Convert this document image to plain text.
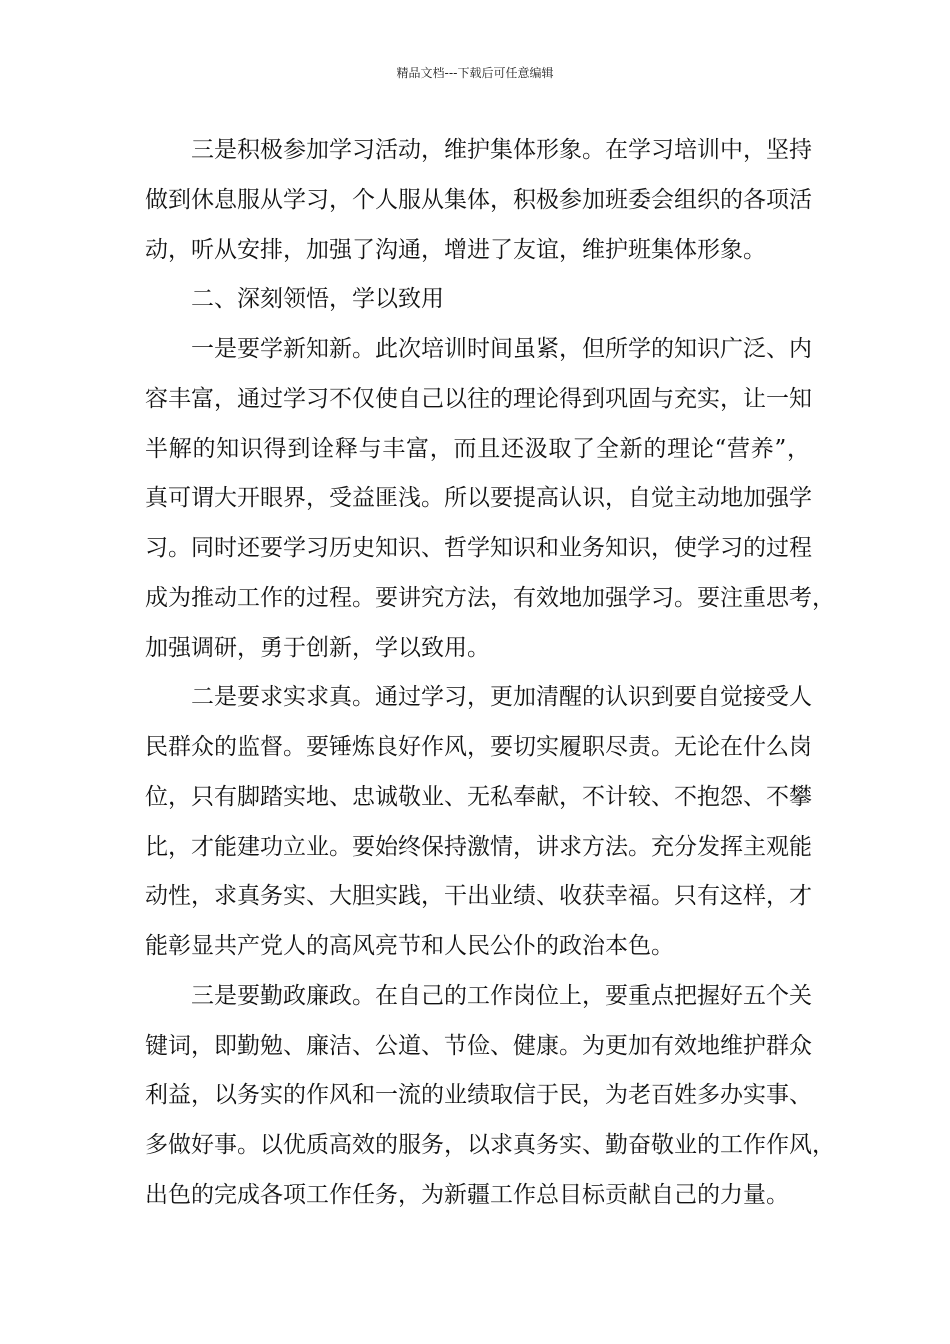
精品文档---下载后可任意编辑
三是积极参加学习活动，维护集体形象。在学习培训中，坚持
做到休息服从学习，个人服从集体，积极参加班委会组织的各项活
动，听从安排，加强了沟通，增进了友谊，维护班集体形象。
二、深刻领悟，学以致用
一是要学新知新。此次培训时间虽紧，但所学的知识广泛、内
容丰富，通过学习不仅使自己以往的理论得到巩固与充实，让一知
半解的知识得到诠释与丰富，而且还汲取了全新的理论“营养”，
真可谓大开眼界，受益匪浅。所以要提高认识，自觉主动地加强学
习。同时还要学习历史知识、哲学知识和业务知识，使学习的过程
成为推动工作的过程。要讲究方法，有效地加强学习。要注重思考，
加强调研，勇于创新，学以致用。
二是要求实求真。通过学习，更加清醒的认识到要自觉接受人
民群众的监督。要锤炼良好作风，要切实履职尽责。无论在什么岗
位，只有脚踏实地、忠诚敬业、无私奉献，不计较、不抱怨、不攀
比，才能建功立业。要始终保持激情，讲求方法。充分发挥主观能
动性，求真务实、大胆实践，干出业绩、收获幸福。只有这样，才
能彰显共产党人的高风亮节和人民公仆的政治本色。
三是要勤政廉政。在自己的工作岗位上，要重点把握好五个关
键词，即勤勉、廉洁、公道、节俭、健康。为更加有效地维护群众
利益，以务实的作风和一流的业绩取信于民，为老百姓多办实事、
多做好事。以优质高效的服务，以求真务实、勤奋敬业的工作作风，
出色的完成各项工作任务，为新疆工作总目标贡献自己的力量。
